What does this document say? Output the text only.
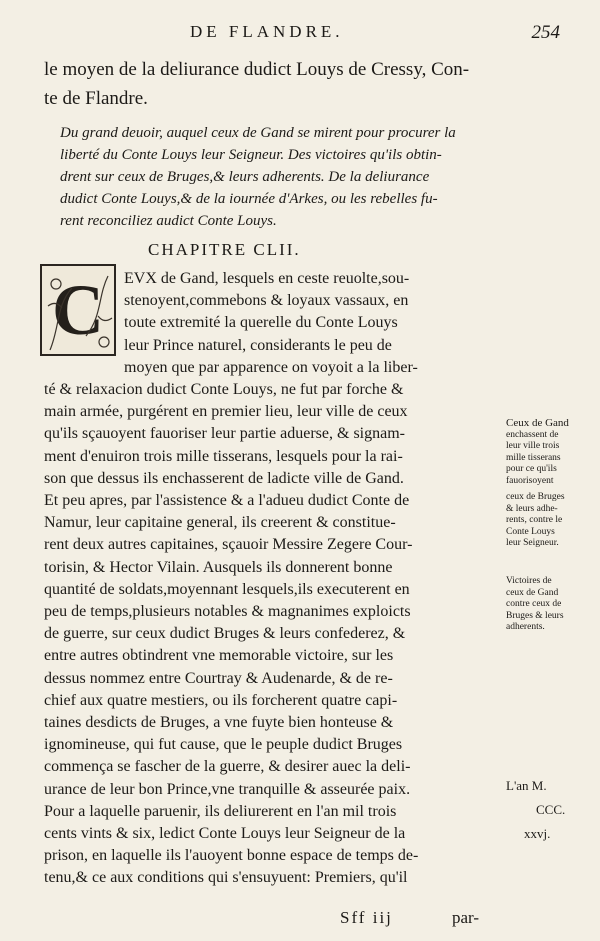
DE FLANDRE.	254

le moyen de la deliurance dudict Louys de Cressy, Con-

te de Flandre.

Du grand deuoir, auquel ceux de Gand se mirent pour procurer la

liberté du Conte Louys leur Seigneur. Des victoires qu'ils obtin-

drent sur ceux de Bruges,& leurs adherents. De la deliurance

dudict Conte Louys,& de la iournée d'Arkes, ou les rebelles fu-

rent reconciliez audict Conte Louys.

CHAPITRE CLII.
C	EVX de Gand, lesquels en ceste reuolte,sou-

stenoyent,commebons & loyaux vassaux, en

toute extremité la querelle du Conte Louys

leur Prince naturel, considerants le peu de

moyen que par apparence on voyoit a la liber-

té & relaxacion dudict Conte Louys, ne fut par forche &

main armée, purgérent en premier lieu, leur ville de ceux

qu'ils sçauoyent fauoriser leur partie aduerse, & signam-

ment d'enuiron trois mille tisserans, lesquels pour la rai-

son que dessus ils enchasserent de ladicte ville de Gand.

Et peu apres, par l'assistence & a l'adueu dudict Conte de

Namur, leur capitaine general, ils creerent & constitue-

rent deux autres capitaines, sçauoir Messire Zegere Cour-

torisin, & Hector Vilain. Ausquels ils donnerent bonne

quantité de soldats,moyennant lesquels,ils executerent en

peu de temps,plusieurs notables & magnanimes exploicts

de guerre, sur ceux dudict Bruges & leurs confederez, &

entre autres obtindrent vne memorable victoire, sur les

dessus nommez entre Courtray & Audenarde, & de re-

chief aux quatre mestiers, ou ils forcherent quatre capi-

taines desdicts de Bruges, a vne fuyte bien honteuse &

ignomineuse, qui fut cause, que le peuple dudict Bruges

commença se fascher de la guerre, & desirer auec la deli-

urance de leur bon Prince,vne tranquille & asseurée paix.

Pour a laquelle paruenir, ils deliurerent en l'an mil trois

cents vints & six, ledict Conte Louys leur Seigneur de la

prison, en laquelle ils l'auoyent bonne espace de temps de-

tenu,& ce aux conditions qui s'ensuyuent: Premiers, qu'il

Ceux de Gand

enchassent de

leur ville trois

mille tisserans

pour ce qu'ils

fauorisoyent

ceux de Bruges

& leurs adhe-

rents, contre le

Conte Louys

leur Seigneur.

Victoires de

ceux de Gand

contre ceux de

Bruges & leurs

adherents.

L'an M.

CCC.

xxvj.

Sff iij	par-
